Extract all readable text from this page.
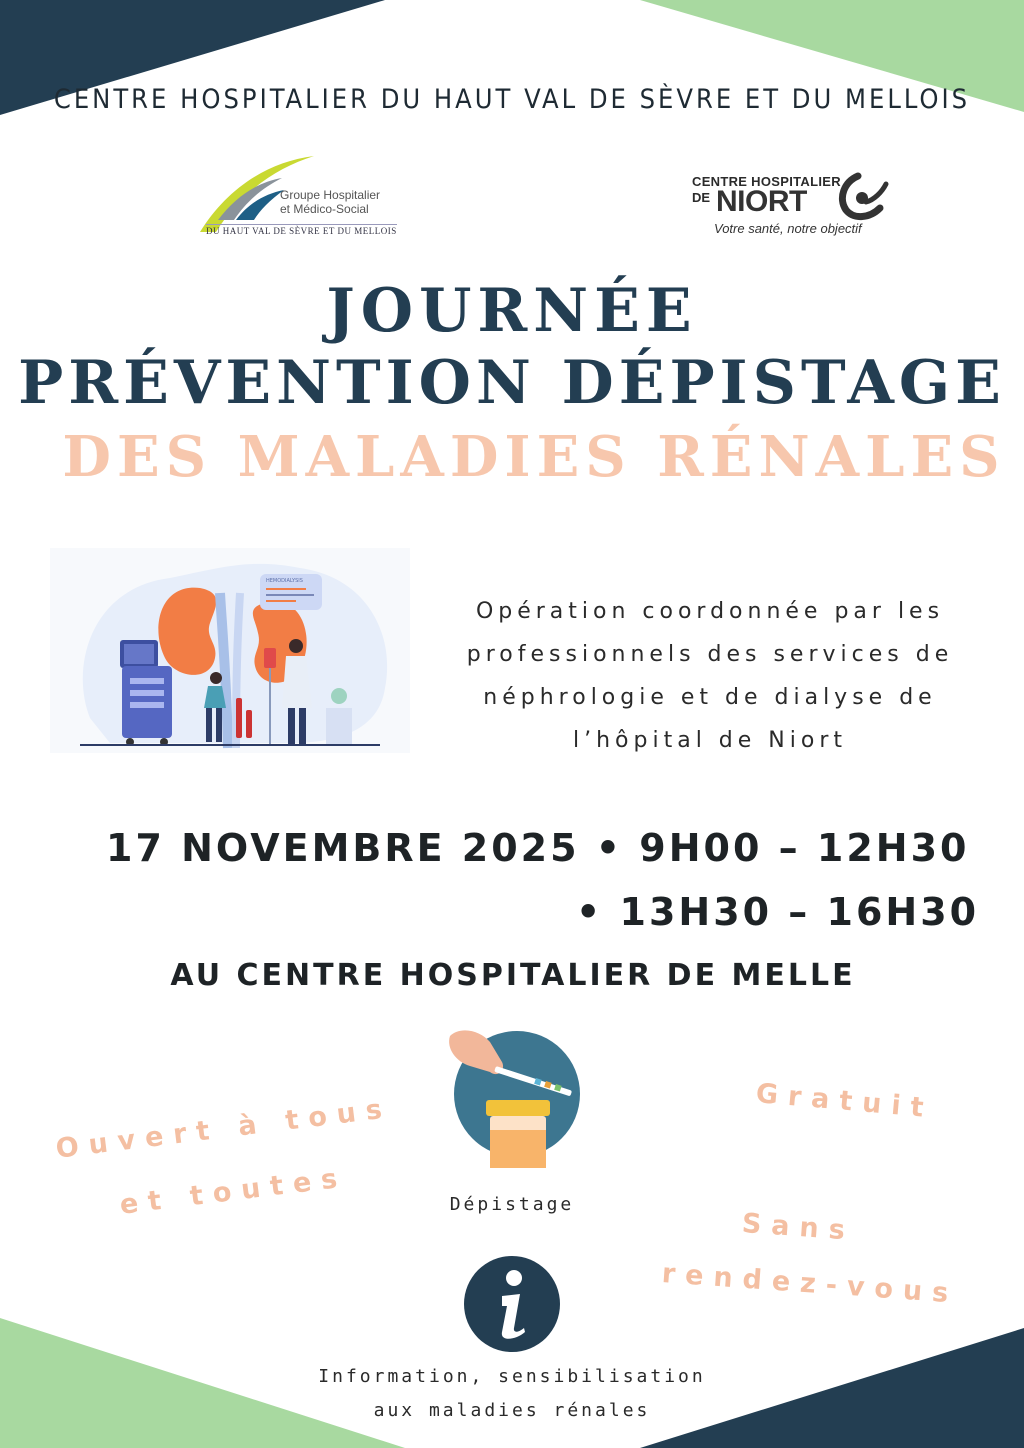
CENTRE HOSPITALIER DU HAUT VAL DE SÈVRE ET DU MELLOIS
Groupe Hospitalier
et Médico-Social
DU HAUT VAL DE SÈVRE ET DU MELLOIS
CENTRE HOSPITALIER
DE NIORT
Votre santé, notre objectif
JOURNÉE
PRÉVENTION DÉPISTAGE
DES MALADIES RÉNALES
HEMODIALYSIS
Opération coordonnée par les
professionnels des services de
néphrologie et de dialyse de
l’hôpital de Niort
17 NOVEMBRE 2025 • 9H00 – 12H30
• 13H30 – 16H30
AU CENTRE HOSPITALIER DE MELLE
Ouvert à tous
et toutes
Gratuit
Sans
rendez-vous
Dépistage
Information, sensibilisation
aux maladies rénales
